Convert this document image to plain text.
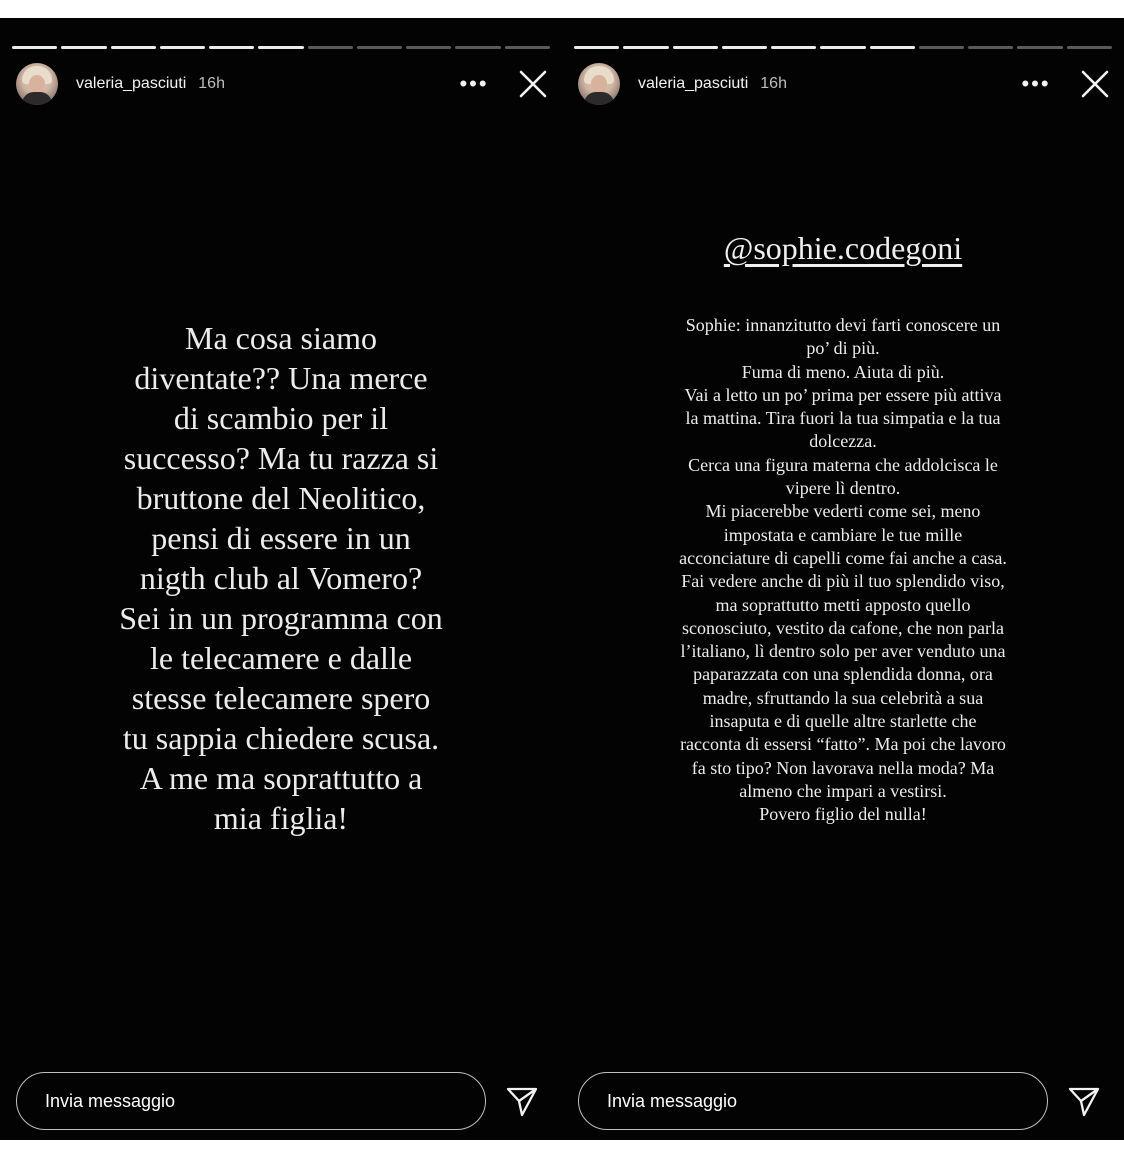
valeria_pasciuti 16h	•••
Ma cosa siamo
diventate?? Una merce
di scambio per il
successo? Ma tu razza si
bruttone del Neolitico,
pensi di essere in un
nigth club al Vomero?
Sei in un programma con
le telecamere e dalle
stesse telecamere spero
tu sappia chiedere scusa.
A me ma soprattutto a
mia figlia!
Invia messaggio
valeria_pasciuti 16h	•••
@sophie.codegoni
Sophie: innanzitutto devi farti conoscere un
po’ di più.
Fuma di meno. Aiuta di più.
Vai a letto un po’ prima per essere più attiva
la mattina. Tira fuori la tua simpatia e la tua
dolcezza.
Cerca una figura materna che addolcisca le
vipere lì dentro.
Mi piacerebbe vederti come sei, meno
impostata e cambiare le tue mille
acconciature di capelli come fai anche a casa.
Fai vedere anche di più il tuo splendido viso,
ma soprattutto metti apposto quello
sconosciuto, vestito da cafone, che non parla
l’italiano, lì dentro solo per aver venduto una
paparazzata con una splendida donna, ora
madre, sfruttando la sua celebrità a sua
insaputa e di quelle altre starlette che
racconta di essersi “fatto”. Ma poi che lavoro
fa sto tipo? Non lavorava nella moda? Ma
almeno che impari a vestirsi.
Povero figlio del nulla!
Invia messaggio
